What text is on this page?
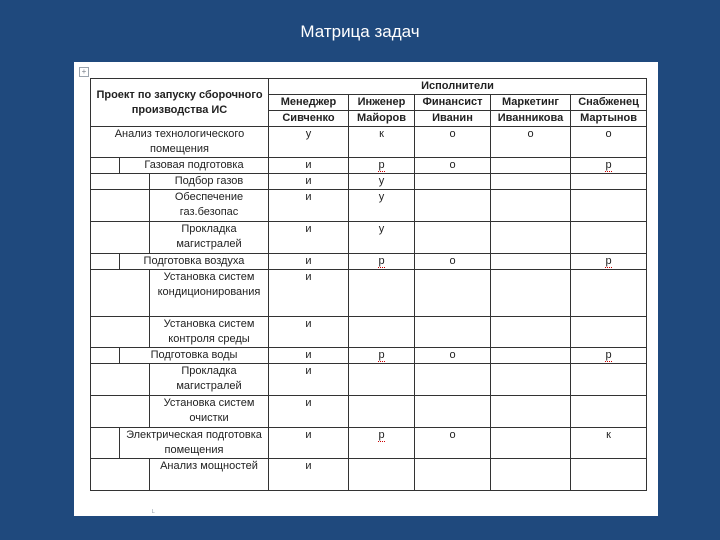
Матрица задач
+
Проект по запуску сборочного производства ИС	Исполнители				
	Менеджер	Инженер	Финансист	Маркетинг	Снабженец
	Сивченко	Майоров	Иванин	Иванникова	Мартынов
Анализ технологического помещения	у	к	о	о	о

Газовая подготовка	и	р	о		р

Подбор газов	и	у			

Обеспечение газ.безопас	и	у			

Прокладка магистралей	и	у			

Подготовка воздуха	и	р	о		р

Установка систем кондиционирования	и				

Установка систем контроля среды	и				

Подготовка воды	и	р	о		р

Прокладка магистралей	и				

Установка систем очистки	и				

Электрическая подготовка помещения	и	р	о		к

Анализ мощностей	и				
ᴸ
